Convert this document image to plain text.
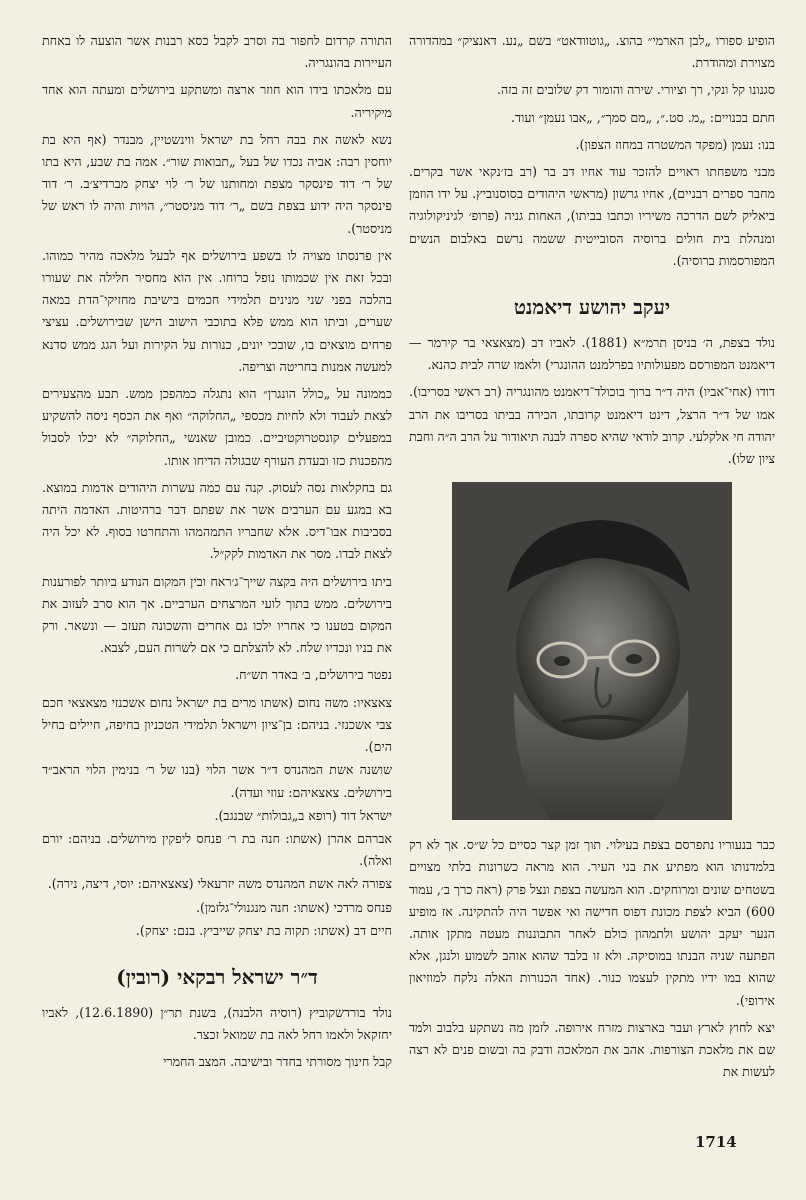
הופיע ספורו „לבן הארמי״ בהוצ. „גוטוודאט״ בשם „נע. דאנציק״ במהדורה מצוירת ומהודרת.

סגנונו קל ונקי, רך וציורי. שירה והומור דק שלובים זה בזה.

חתם בכנויים: „מ. סט.״, „מם סמך״, „אבו נעמן״ ועוד.

בנו: נעמן (מפקד המשטרה במחוז הצפון).

מבני משפחתו ראויים להזכר עוד אחיו דב בר (רב בז׳נקאי אשר בקרים. מחבר ספרים רבניים), אחיו גרשון (מראשי היהודים בסוסנוביץ. על ידו הוזמן ביאליק לשם הדרכה משיריו וכתבו בביתו), האחות גניה (פרופ׳ לגיניקולוגיה ומנהלת בית חולים ברוסיה הסובייטית ששמה נרשם באלבום הנשים המפורסמות ברוסיה).

יעקב יהושע דיאמנט

נולד בצפת, ה׳ בניסן תרמ״א (1881). לאביו דב (מצאצאי בר קירמר — דיאמנט המפורסם מפעולותיו בפרלמנט ההונגרי) ולאמו שרה לבית כהנא.

דודו (אחי־אביו) היה ד״ר ברוך בוכולד־דיאמנט מהונגריה (רב ראשי בסריבו). אמו של ד״ר הרצל, דינט דיאמנט קרובתו, הכירה בביתו בסריבו את הרב יהודה חי אלקלעי. קרוב לודאי שהיא ספרה לבנה תיאודור על הרב ה״ה וחבת ציון שלו).

כבר בנעוריו נתפרסם בצפת בעילוי. תוך זמן קצר כסיים כל ש״ס. אך לא רק בלמדנותו הוא מפתיע את בני העיר. הוא מראה כשרונות בלתי מצויים בשטחים שונים ומרוחקים. הוא המעשה בצפת ונצל פרק (ראה כרך ב׳, עמוד 600) הביא לצפת מכונת דפוס חדישה ואי אפשר היה להתקינה. אז מופיע הנער יעקב יהושע ולתמהון כולם לאחר התבוננות מעטה מתקן אותה. הפתעה שניה הבנתו במוסיקה. ולא זו בלבד שהוא אוהב לשמוע ולנגן, אלא שהוא במו ידיו מתקין לעצמו כנור. (אחד הכנורות האלה נלקח למוזיאון אירופי).

יצא לחוץ לארץ ועבר בארצות מזרח אירופה. לזמן מה נשתקע בלבוב ולמד שם את מלאכת הצורפות. אהב את המלאכה ודבק בה ובשום פנים לא רצה לעשות את

התורה קרדום לחפור בה וסרב לקבל כסא רבנות אשר הוצעה לו באחת העיירות בהונגריה.

עם מלאכתו בידו הוא חוזר ארצה ומשתקע בירושלים ומעתה הוא אחד מיקיריה.

נשא לאשה את בבה רחל בת ישראל ווינשטיין, מבנדר (אף היא בת יוחסין רבה: אביה נכדו של בעל „תבואות שור״. אמה בת שבע, היא בתו של ר׳ דוד פינסקר מצפת ומחותנו של ר׳ לוי יצחק מברדיצ׳ב. ר׳ דוד פינסקר היה ידוע בצפת בשם „ר׳ דוד מניסטר״, הויות והיה לו ראש של מניסטר).

אין פרנסתו מצויה לו בשפע בירושלים אף לבעל מלאכה מהיר כמוהו. ובכל זאת אין שכמותו נופל ברוחו. אין הוא מחסיר חלילה את שעורו בהלכה בפני שני מנינים תלמידי חכמים בישיבת מחזיקי־הדת במאה שערים, וביתו הוא ממש פלא בתוכבי הישוב הישן שבירושלים. עציצי פרחים מוצאים בו, שובכי יונים, כנורות על הקירות ועל הגג ממש סדנא למעשה אמנות בחריטה וצריפה.

כממונה על „כולל הונגרן״ הוא נתגלה כמהפכן ממש. תבע מהצעירים לצאת לעבוד ולא לחיות מכספי „החלוקה״ ואף את הכסף ניסה להשקיע במפעלים קונסטרוקטיביים. כמובן שאנשי „החלוקה״ לא יכלו לסבול מהפכנות כזו ובעדת העורף שבגולה הדיחו אותו.

גם בחקלאות נסה לעסוק. קנה עם כמה עשרות היהודים אדמות במוצא. בא במגע עם הערבים אשר את שפתם דבר ברהיטות. האדמה היתה בסביבות אבו־דיס. אלא שחבריו התמהמהו והתחרטו בסוף. לא יכל היה לצאת לבדו. מסר את האדמות לקק״ל.

ביתו בירושלים היה בקצה שייך־ג׳ראח ובין המקום הנודע ביותר לפורענות בירושלים. ממש בתוך לועי המרצחים הערביים. אך הוא סרב לעזוב את המקום בטענו כי אחריו ילכו גם אחרים והשכונה תעזב — ונשאר. ורק את בניו ונכדיו שלח. לא להצלתם כי אם לשרות העם, לצבא.

נפטר בירושלים, ב׳ באדר תש״ח.

צאצאיו: משה נחום (אשתו מרים בת ישראל נחום אשכנזי מצאצאי חכם צבי אשכנזי. בניהם: בן־ציון וישראל תלמידי הטכניון בחיפה, חיילים בחיל הים).

שושנה אשת המהנדס ד״ר אשר הלוי (בנו של ר׳ בנימין הלוי הראב״ד בירושלים. צאצאיהם: עוזי ועדה).

ישראל דוד (רופא ב„גבולות״ שבנגב).

אברהם אהרן (אשתו: חנה בת ר׳ פנחס ליפקין מירושלים. בניהם: יורם ואלה).

צפורה לאה אשת המהנדס משה יזרעאלי (צאצאיהם: יוסי, דיצה, נירה).

פנחס מרדכי (אשתו: חנה מנגנולי־גלזמן).

חיים דב (אשתו: תקוה בת יצחק שייביץ. בנם: יצחק).

ד״ר ישראל רבקאי (רובין)

נולד בורדשקוביץ (רוסיה הלבנה), בשנת תר״ן (12.6.1890), לאביו יחזקאל ולאמו רחל לאה בת שמואל זכצר.

קבל חינוך מסורתי בחדר ובישיבה. המצב החמרי

1714
